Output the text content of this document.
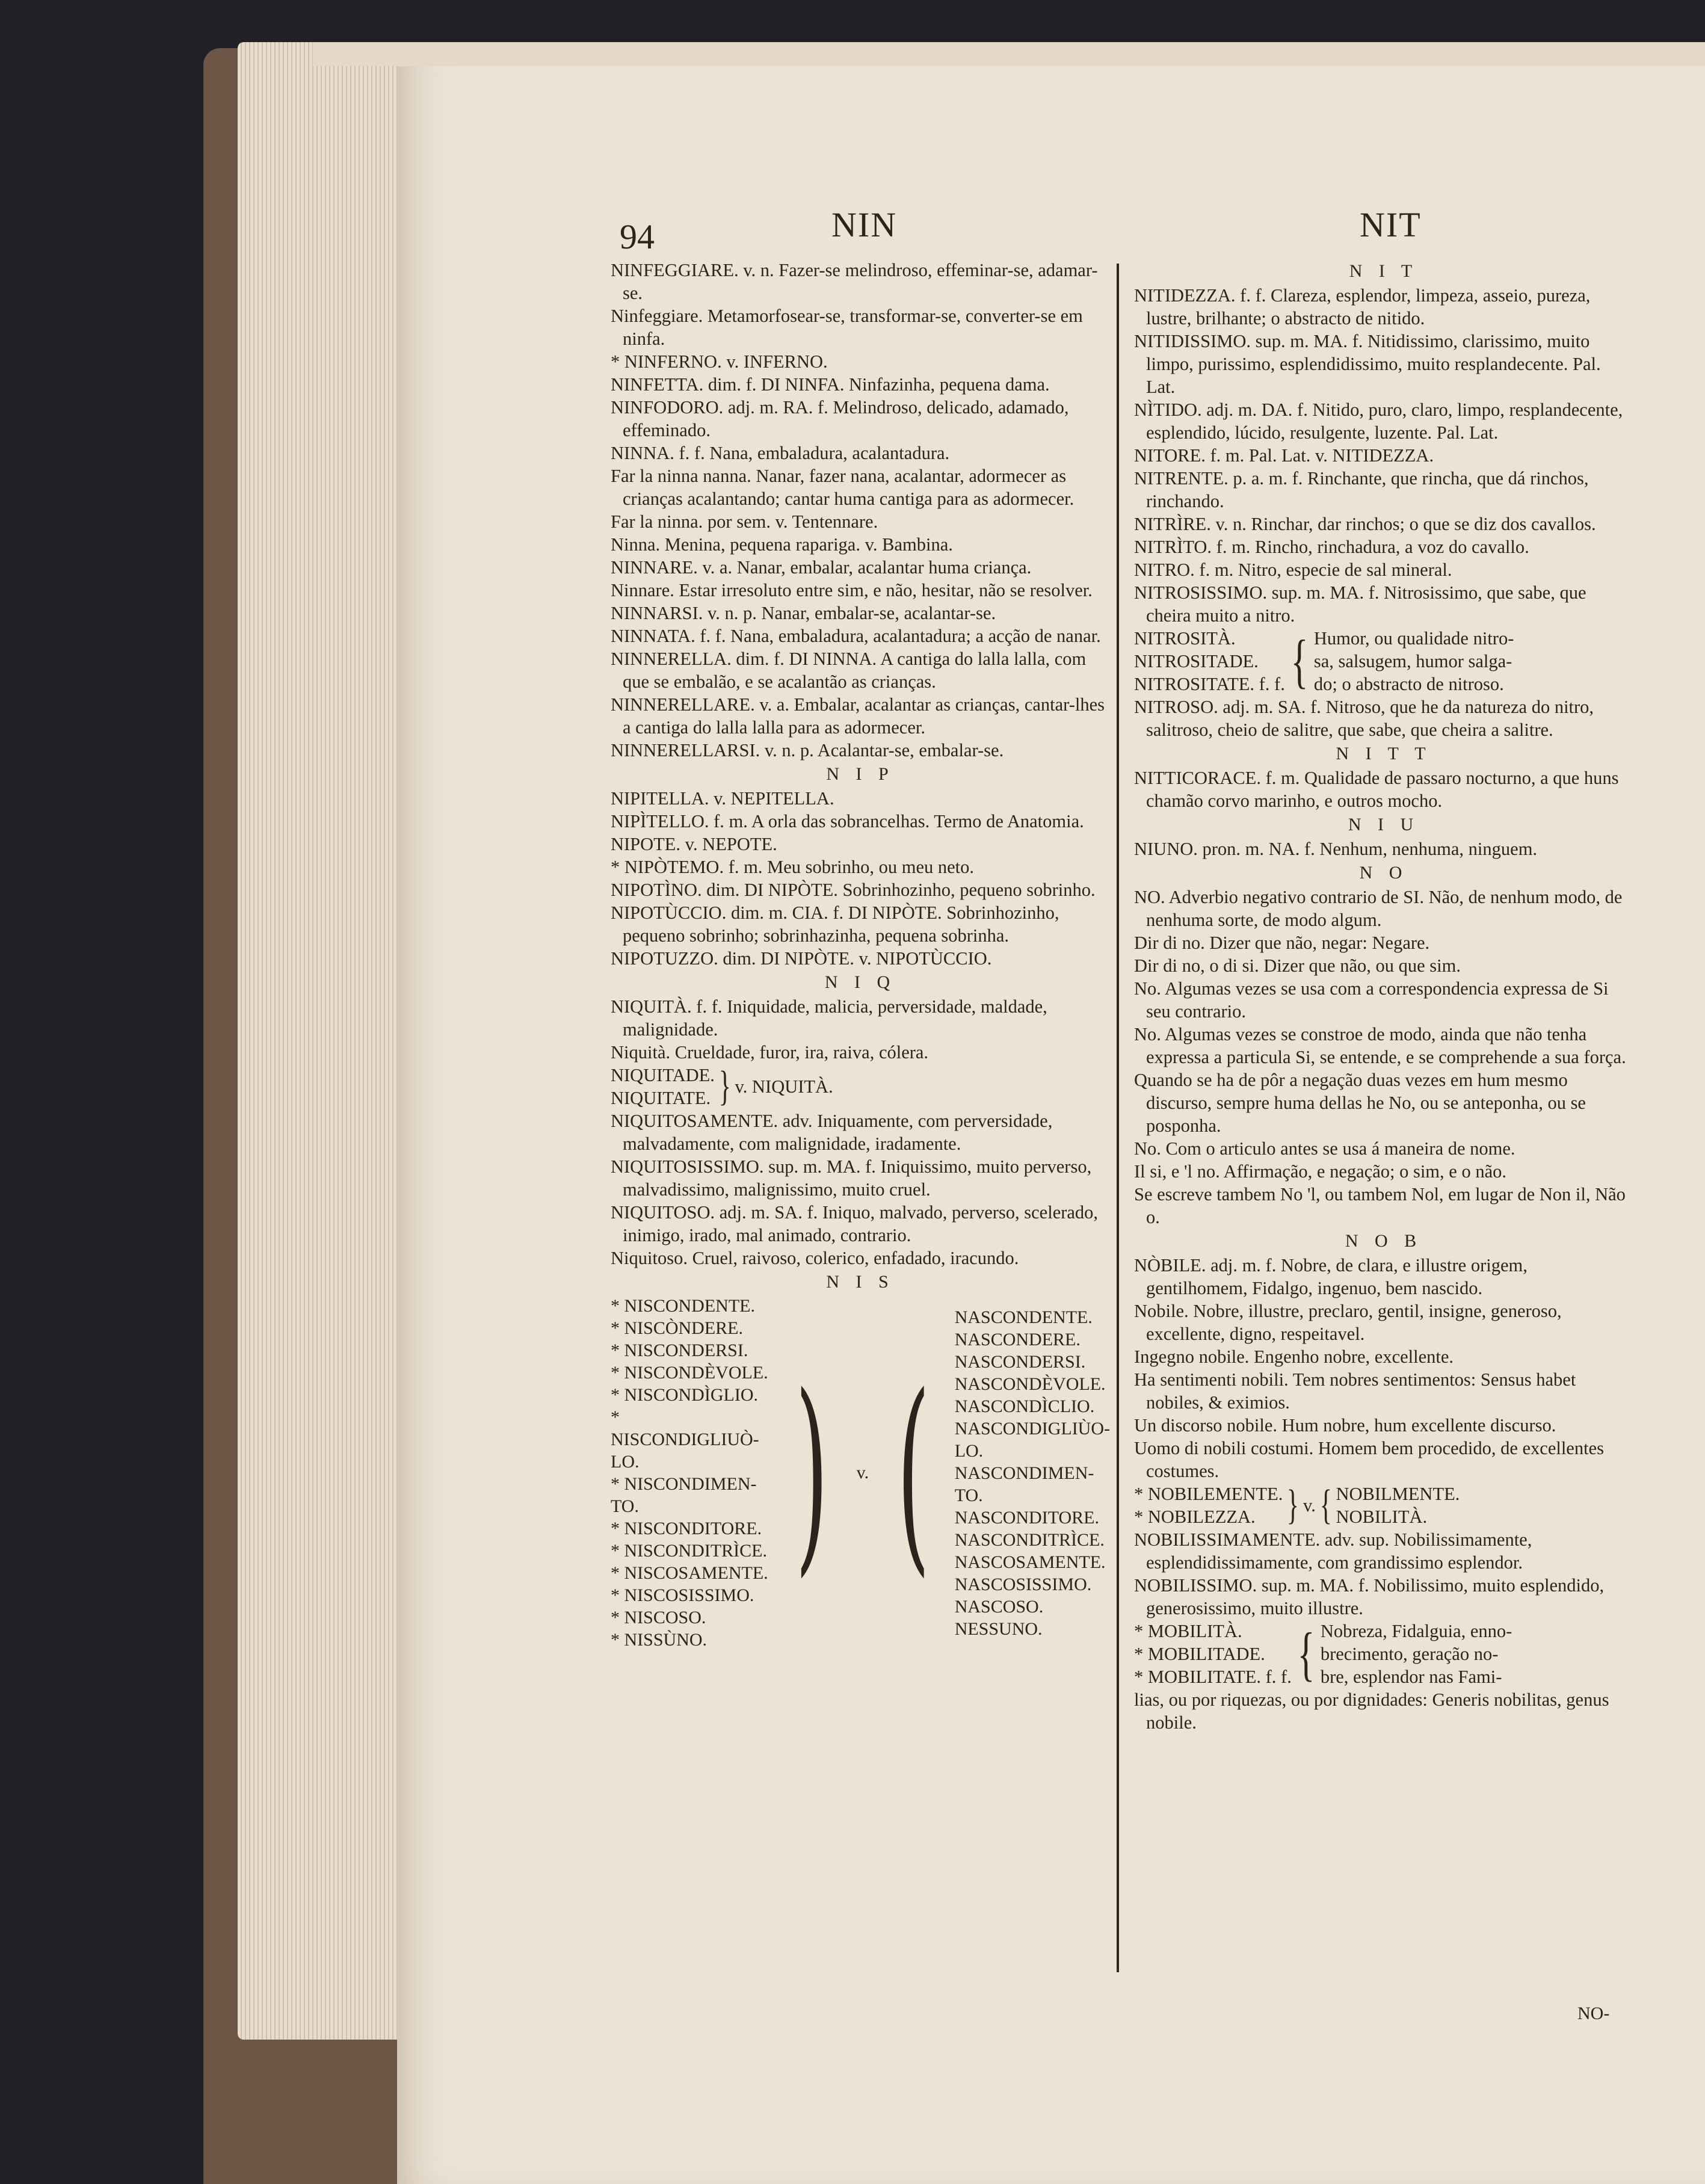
94	NIN	NIT
NINFEGGIARE. v. n. Fazer-se melindroso, effeminar-se, adamar-se.
Ninfeggiare. Metamorfosear-se, transformar-se, converter-se em ninfa.
* NINFERNO. v. INFERNO.
NINFETTA. dim. f. DI NINFA. Ninfazinha, pequena dama.
NINFODORO. adj. m. RA. f. Melindroso, delicado, adamado, effeminado.
NINNA. f. f. Nana, embaladura, acalantadura.
Far la ninna nanna. Nanar, fazer nana, acalantar, adormecer as crianças acalantando; cantar huma cantiga para as adormecer.
Far la ninna. por sem. v. Tentennare.
Ninna. Menina, pequena rapariga. v. Bambina.
NINNARE. v. a. Nanar, embalar, acalantar huma criança.
Ninnare. Estar irresoluto entre sim, e não, hesitar, não se resolver.
NINNARSI. v. n. p. Nanar, embalar-se, acalantar-se.
NINNATA. f. f. Nana, embaladura, acalantadura; a acção de nanar.
NINNERELLA. dim. f. DI NINNA. A cantiga do lalla lalla, com que se embalão, e se acalantão as crianças.
NINNERELLARE. v. a. Embalar, acalantar as crianças, cantar-lhes a cantiga do lalla lalla para as adormecer.
NINNERELLARSI. v. n. p. Acalantar-se, embalar-se.
N I P
NIPITELLA. v. NEPITELLA.
NIPÌTELLO. f. m. A orla das sobrancelhas. Termo de Anatomia.
NIPOTE. v. NEPOTE.
* NIPÒTEMO. f. m. Meu sobrinho, ou meu neto.
NIPOTÌNO. dim. DI NIPÒTE. Sobrinhozinho, pequeno sobrinho.
NIPOTÙCCIO. dim. m. CIA. f. DI NIPÒTE. Sobrinhozinho, pequeno sobrinho; sobrinhazinha, pequena sobrinha.
NIPOTUZZO. dim. DI NIPÒTE. v. NIPOTÙCCIO.
N I Q
NIQUITÀ. f. f. Iniquidade, malicia, perversidade, maldade, malignidade.
Niquità. Crueldade, furor, ira, raiva, cólera.
NIQUITADE.
NIQUITATE. } v. NIQUITÀ.
NIQUITOSAMENTE. adv. Iniquamente, com perversidade, malvadamente, com malignidade, iradamente.
NIQUITOSISSIMO. sup. m. MA. f. Iniquissimo, muito perverso, malvadissimo, malignissimo, muito cruel.
NIQUITOSO. adj. m. SA. f. Iniquo, malvado, perverso, scelerado, inimigo, irado, mal animado, contrario.
Niquitoso. Cruel, raivoso, colerico, enfadado, iracundo.
N I S
* NISCONDENTE.
* NISCÒNDERE.
* NISCONDERSI.
* NISCONDÈVOLE.
* NISCONDÌGLIO.
* NISCONDIGLIUÒ-
LO.
* NISCONDIMEN-
TO.
* NISCONDITORE.
* NISCONDITRÌCE.
* NISCOSAMENTE.
* NISCOSISSIMO.
* NISCOSO.
* NISSÙNO.
) v. (
NASCONDENTE.
NASCONDERE.
NASCONDERSI.
NASCONDÈVOLE.
NASCONDÌCLIO.
NASCONDIGLIÙO-
LO.
NASCONDIMEN-
TO.
NASCONDITORE.
NASCONDITRÌCE.
NASCOSAMENTE.
NASCOSISSIMO.
NASCOSO.
NESSUNO.
N I T
NITIDEZZA. f. f. Clareza, esplendor, limpeza, asseio, pureza, lustre, brilhante; o abstracto de nitido.
NITIDISSIMO. sup. m. MA. f. Nitidissimo, clarissimo, muito limpo, purissimo, esplendidissimo, muito resplandecente. Pal. Lat.
NÌTIDO. adj. m. DA. f. Nitido, puro, claro, limpo, resplandecente, esplendido, lúcido, resulgente, luzente. Pal. Lat.
NITORE. f. m. Pal. Lat. v. NITIDEZZA.
NITRENTE. p. a. m. f. Rinchante, que rincha, que dá rinchos, rinchando.
NITRÌRE. v. n. Rinchar, dar rinchos; o que se diz dos cavallos.
NITRÌTO. f. m. Rincho, rinchadura, a voz do cavallo.
NITRO. f. m. Nitro, especie de sal mineral.
NITROSISSIMO. sup. m. MA. f. Nitrosissimo, que sabe, que cheira muito a nitro.
NITROSITÀ.
NITROSITADE.
NITROSITATE. f. f. { Humor, ou qualidade nitro-
sa, salsugem, humor salga-
do; o abstracto de nitroso.
NITROSO. adj. m. SA. f. Nitroso, que he da natureza do nitro, salitroso, cheio de salitre, que sabe, que cheira a salitre.
N I T T
NITTICORACE. f. m. Qualidade de passaro nocturno, a que huns chamão corvo marinho, e outros mocho.
N I U
NIUNO. pron. m. NA. f. Nenhum, nenhuma, ninguem.
N O
NO. Adverbio negativo contrario de SI. Não, de nenhum modo, de nenhuma sorte, de modo algum.
Dir di no. Dizer que não, negar: Negare.
Dir di no, o di si. Dizer que não, ou que sim.
No. Algumas vezes se usa com a correspondencia expressa de Si seu contrario.
No. Algumas vezes se constroe de modo, ainda que não tenha expressa a particula Si, se entende, e se comprehende a sua força.
Quando se ha de pôr a negação duas vezes em hum mesmo discurso, sempre huma dellas he No, ou se anteponha, ou se posponha.
No. Com o articulo antes se usa á maneira de nome.
Il si, e 'l no. Affirmação, e negação; o sim, e o não.
Se escreve tambem No 'l, ou tambem Nol, em lugar de Non il, Não o.
N O B
NÒBILE. adj. m. f. Nobre, de clara, e illustre origem, gentilhomem, Fidalgo, ingenuo, bem nascido.
Nobile. Nobre, illustre, preclaro, gentil, insigne, generoso, excellente, digno, respeitavel.
Ingegno nobile. Engenho nobre, excellente.
Ha sentimenti nobili. Tem nobres sentimentos: Sensus habet nobiles, & eximios.
Un discorso nobile. Hum nobre, hum excellente discurso.
Uomo di nobili costumi. Homem bem procedido, de excellentes costumes.
* NOBILEMENTE.
* NOBILEZZA. } v. { NOBILMENTE.
NOBILITÀ.
NOBILISSIMAMENTE. adv. sup. Nobilissimamente, esplendidissimamente, com grandissimo esplendor.
NOBILISSIMO. sup. m. MA. f. Nobilissimo, muito esplendido, generosissimo, muito illustre.
* MOBILITÀ.
* MOBILITADE.
* MOBILITATE. f. f. { Nobreza, Fidalguia, enno-
brecimento, geração no-
bre, esplendor nas Fami-
lias, ou por riquezas, ou por dignidades: Generis nobilitas, genus nobile.
NO-
